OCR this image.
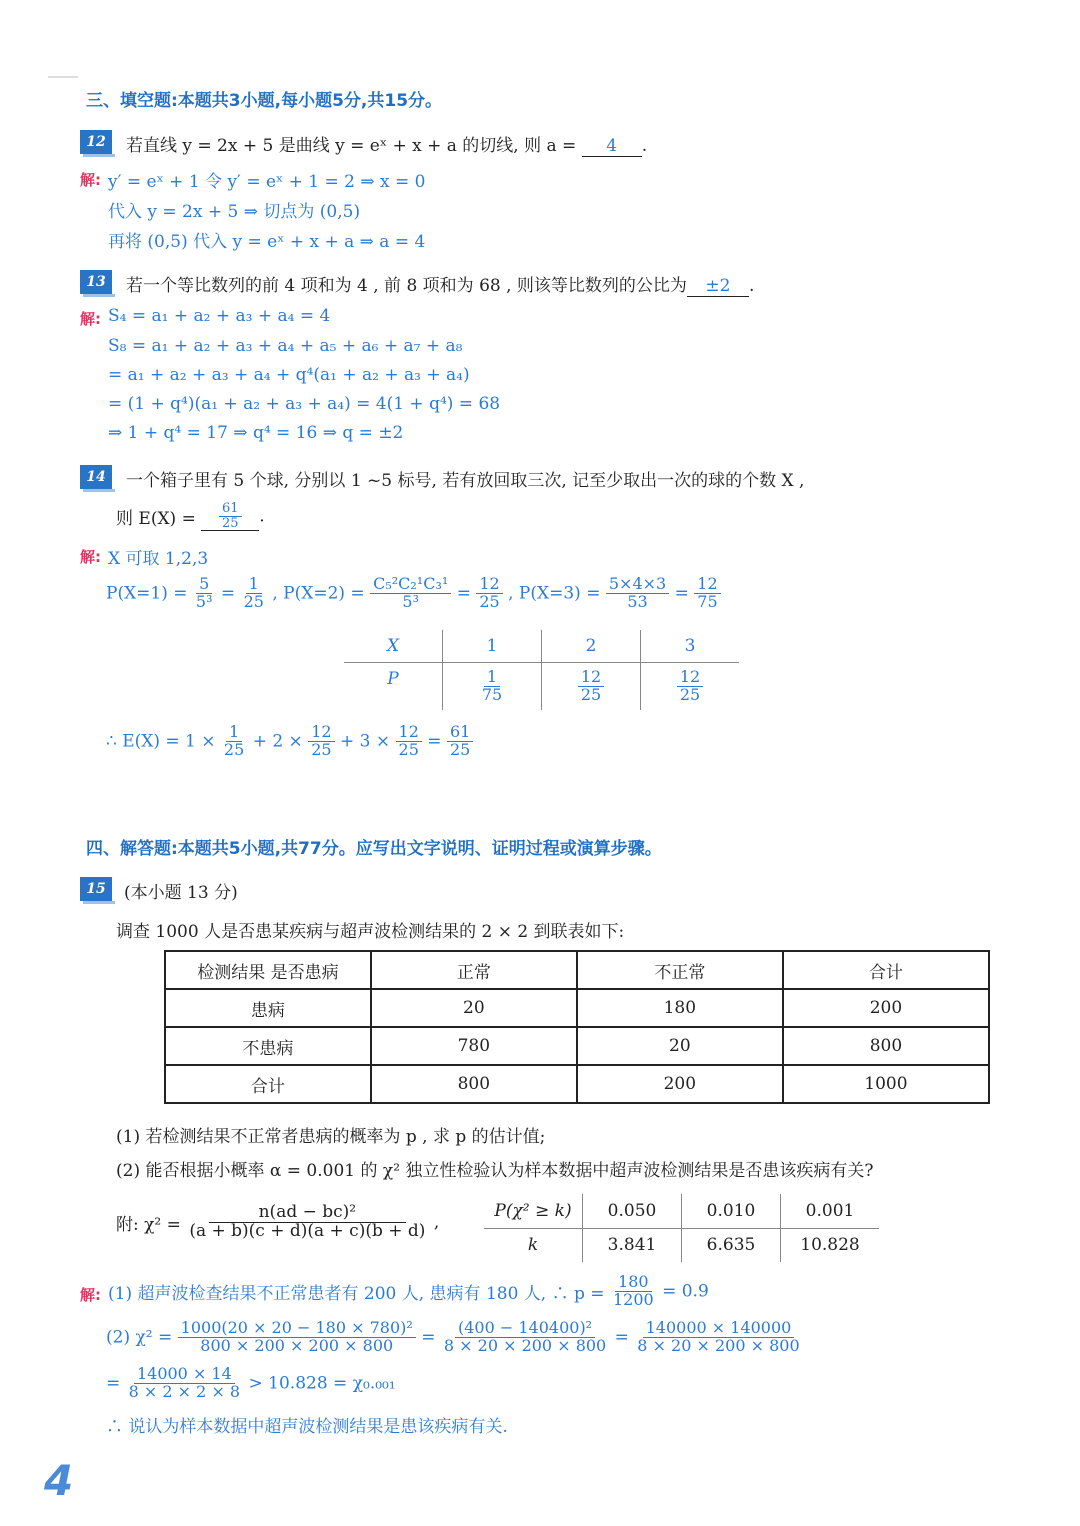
三、填空题:本题共3小题,每小题5分,共15分。
12	若直线 y = 2x + 5 是曲线 y = eˣ + x + a 的切线, 则 a = 4 .
解: y′ = eˣ + 1 令 y′ = eˣ + 1 = 2 ⇒ x = 0
代入 y = 2x + 5 ⇒ 切点为 (0,5)
再将 (0,5) 代入 y = eˣ + x + a ⇒ a = 4
13	若一个等比数列的前 4 项和为 4 , 前 8 项和为 68 , 则该等比数列的公比为 ±2 .
解: S₄ = a₁ + a₂ + a₃ + a₄ = 4
S₈ = a₁ + a₂ + a₃ + a₄ + a₅ + a₆ + a₇ + a₈
= a₁ + a₂ + a₃ + a₄ + q⁴(a₁ + a₂ + a₃ + a₄)
= (1 + q⁴)(a₁ + a₂ + a₃ + a₄) = 4(1 + q⁴) = 68
⇒ 1 + q⁴ = 17 ⇒ q⁴ = 16 ⇒ q = ±2
14	一个箱子里有 5 个球, 分别以 1 ~5 标号, 若有放回取三次, 记至少取出一次的球的个数 X ,
则 $E(X) = \frac{61}{25}$ .
解: X 可取 1,2,3
$P(X=1) = \frac{5}{\text{5³}} = \frac{1}{25}$ , $P(X=2) = \frac{\text{C₅²C₂¹C₃¹}}{\text{5³}} = \frac{12}{25}$ , $P(X=3) = \frac{5\times 4\times 3}{53} = \frac{12}{75}$
X	1	2	3
P	$\frac{1}{75}$	$\frac{12}{25}$	$\frac{12}{25}$
∴ $E(X) = 1 \times \frac{1}{25} + 2 \times \frac{12}{25} + 3 \times \frac{12}{25} = \frac{61}{25}$
四、解答题:本题共5小题,共77分。应写出文字说明、证明过程或演算步骤。
15	(本小题 13 分)
调查 1000 人是否患某疾病与超声波检测结果的 2 × 2 到联表如下:
检测结果 是否患病	正常	不正常	合计
患病	20	180	200
不患病	780	20	800
合计	800	200	1000
(1) 若检测结果不正常者患病的概率为 p , 求 p 的估计值;
(2) 能否根据小概率 α = 0.001 的 χ² 独立性检验认为样本数据中超声波检测结果是否患该疾病有关?
附: $\chi^2 = \frac{\text{n(ad − bc)²}}{(a + b)(c + d)(a + c)(b + d)}$ ,
P(χ² ≥ k)	0.050	0.010	0.001
k	3.841	6.635	10.828
解: (1) 超声波检查结果不正常患者有 200 人, 患病有 180 人, ∴ $p = \frac{180}{1200} = 0.9$
(2) $\chi^2 = \frac{\text{1000(20 × 20 − 180 × 780)²}}{800 \times 200 \times 200 \times 800} = \frac{\text{(400 − 140400)²}}{8 \times 20 \times 200 \times 800} = \frac{140000 \times 140000}{8 \times 20 \times 200 \times 800}$
= $\frac{14000 \times 14}{8 \times 2 \times 2 \times 8} > 10.828 = \chi_0._{001}$
∴ 说认为样本数据中超声波检测结果是患该疾病有关.
4
